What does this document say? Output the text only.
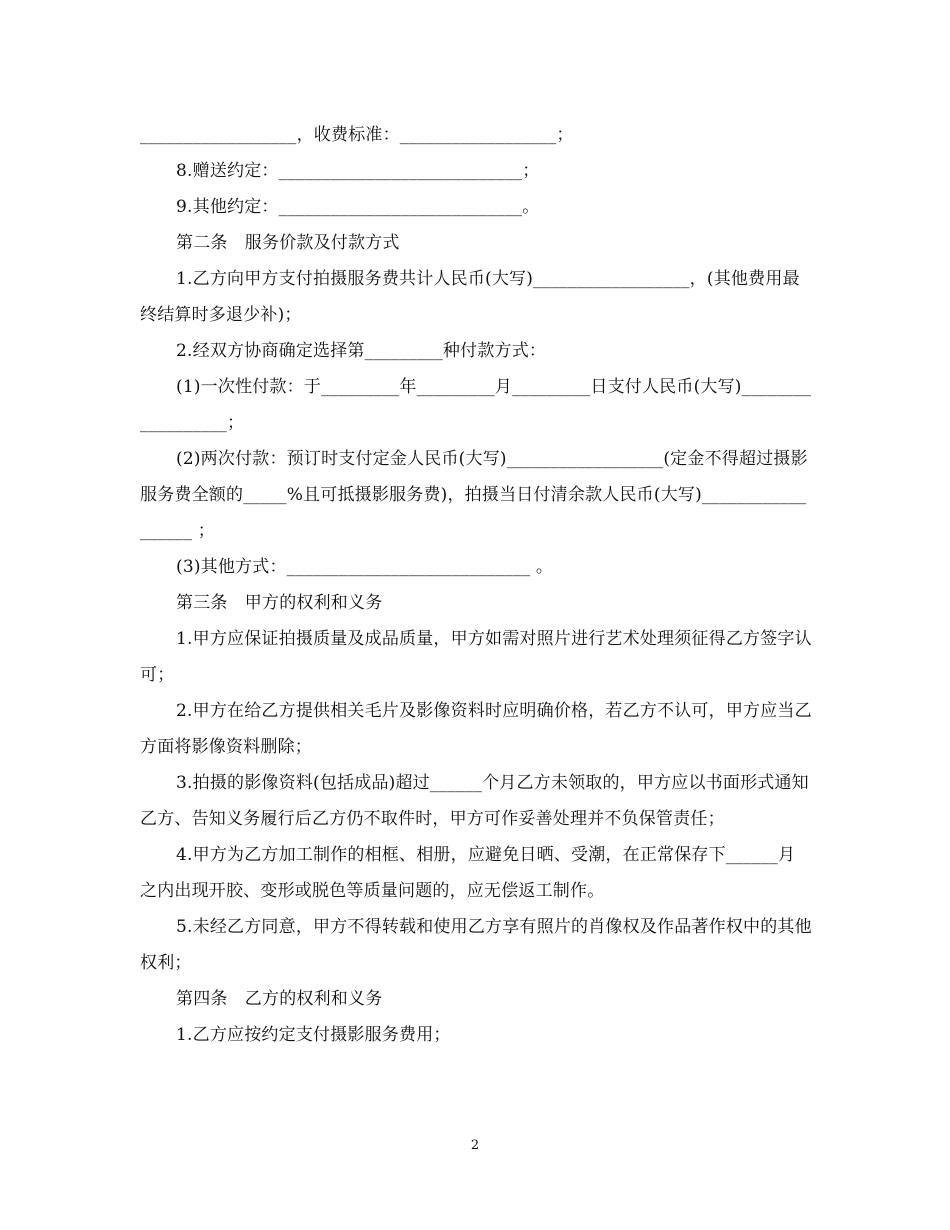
__________________，收费标准：__________________；

8.赠送约定：____________________________；

9.其他约定：____________________________。

第二条　服务价款及付款方式

1.乙方向甲方支付拍摄服务费共计人民币(大写)__________________，(其他费用最终结算时多退少补)；

2.经双方协商确定选择第_________种付款方式：

(1)一次性付款：于_________年_________月_________日支付人民币(大写)__________________；

(2)两次付款：预订时支付定金人民币(大写)__________________(定金不得超过摄影服务费全额的_____%且可抵摄影服务费)，拍摄当日付清余款人民币(大写)__________________ ；

(3)其他方式：____________________________ 。

第三条　甲方的权利和义务

1.甲方应保证拍摄质量及成品质量，甲方如需对照片进行艺术处理须征得乙方签字认可；

2.甲方在给乙方提供相关毛片及影像资料时应明确价格，若乙方不认可，甲方应当乙方面将影像资料删除；

3.拍摄的影像资料(包括成品)超过______个月乙方未领取的，甲方应以书面形式通知乙方、告知义务履行后乙方仍不取件时，甲方可作妥善处理并不负保管责任；

4.甲方为乙方加工制作的相框、相册，应避免日晒、受潮，在正常保存下______月之内出现开胶、变形或脱色等质量问题的，应无偿返工制作。

5.未经乙方同意，甲方不得转载和使用乙方享有照片的肖像权及作品著作权中的其他权利；

第四条　乙方的权利和义务

1.乙方应按约定支付摄影服务费用；

2
